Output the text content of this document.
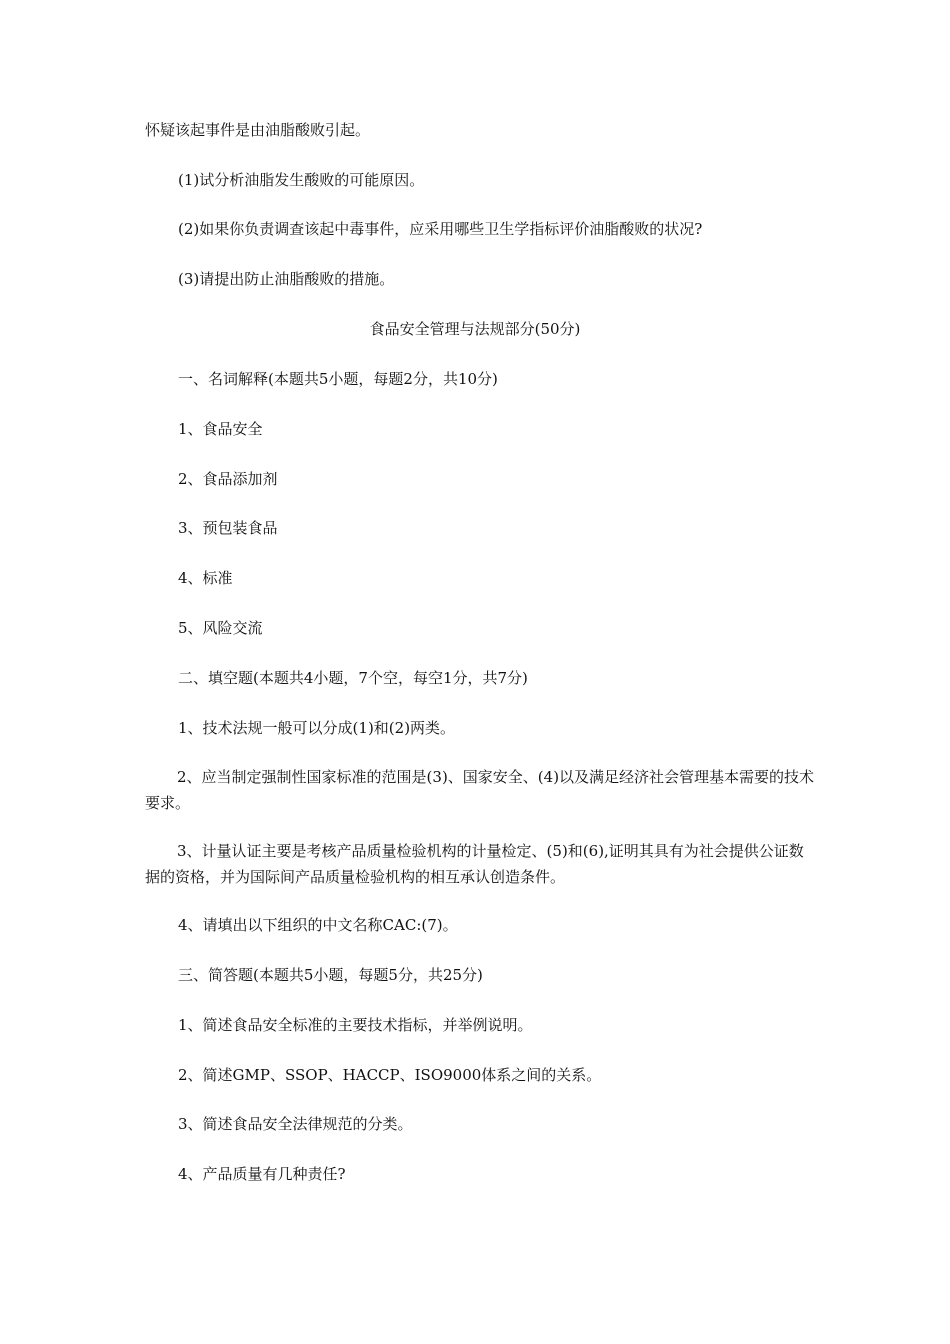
怀疑该起事件是由油脂酸败引起。
(1)试分析油脂发生酸败的可能原因。
(2)如果你负责调查该起中毒事件，应采用哪些卫生学指标评价油脂酸败的状况?
(3)请提出防止油脂酸败的措施。
食品安全管理与法规部分(50分)
一、名词解释(本题共5小题，每题2分，共10分)
1、食品安全
2、食品添加剂
3、预包装食品
4、标准
5、风险交流
二、填空题(本题共4小题，7个空，每空1分，共7分)
1、技术法规一般可以分成(1)和(2)两类。
2、应当制定强制性国家标准的范围是(3)、国家安全、(4)以及满足经济社会管理基本需要的技术要求。
3、计量认证主要是考核产品质量检验机构的计量检定、(5)和(6),证明其具有为社会提供公证数据的资格，并为国际间产品质量检验机构的相互承认创造条件。
4、请填出以下组织的中文名称CAC:(7)。
三、简答题(本题共5小题，每题5分，共25分)
1、简述食品安全标准的主要技术指标，并举例说明。
2、简述GMP、SSOP、HACCP、ISO9000体系之间的关系。
3、简述食品安全法律规范的分类。
4、产品质量有几种责任?
